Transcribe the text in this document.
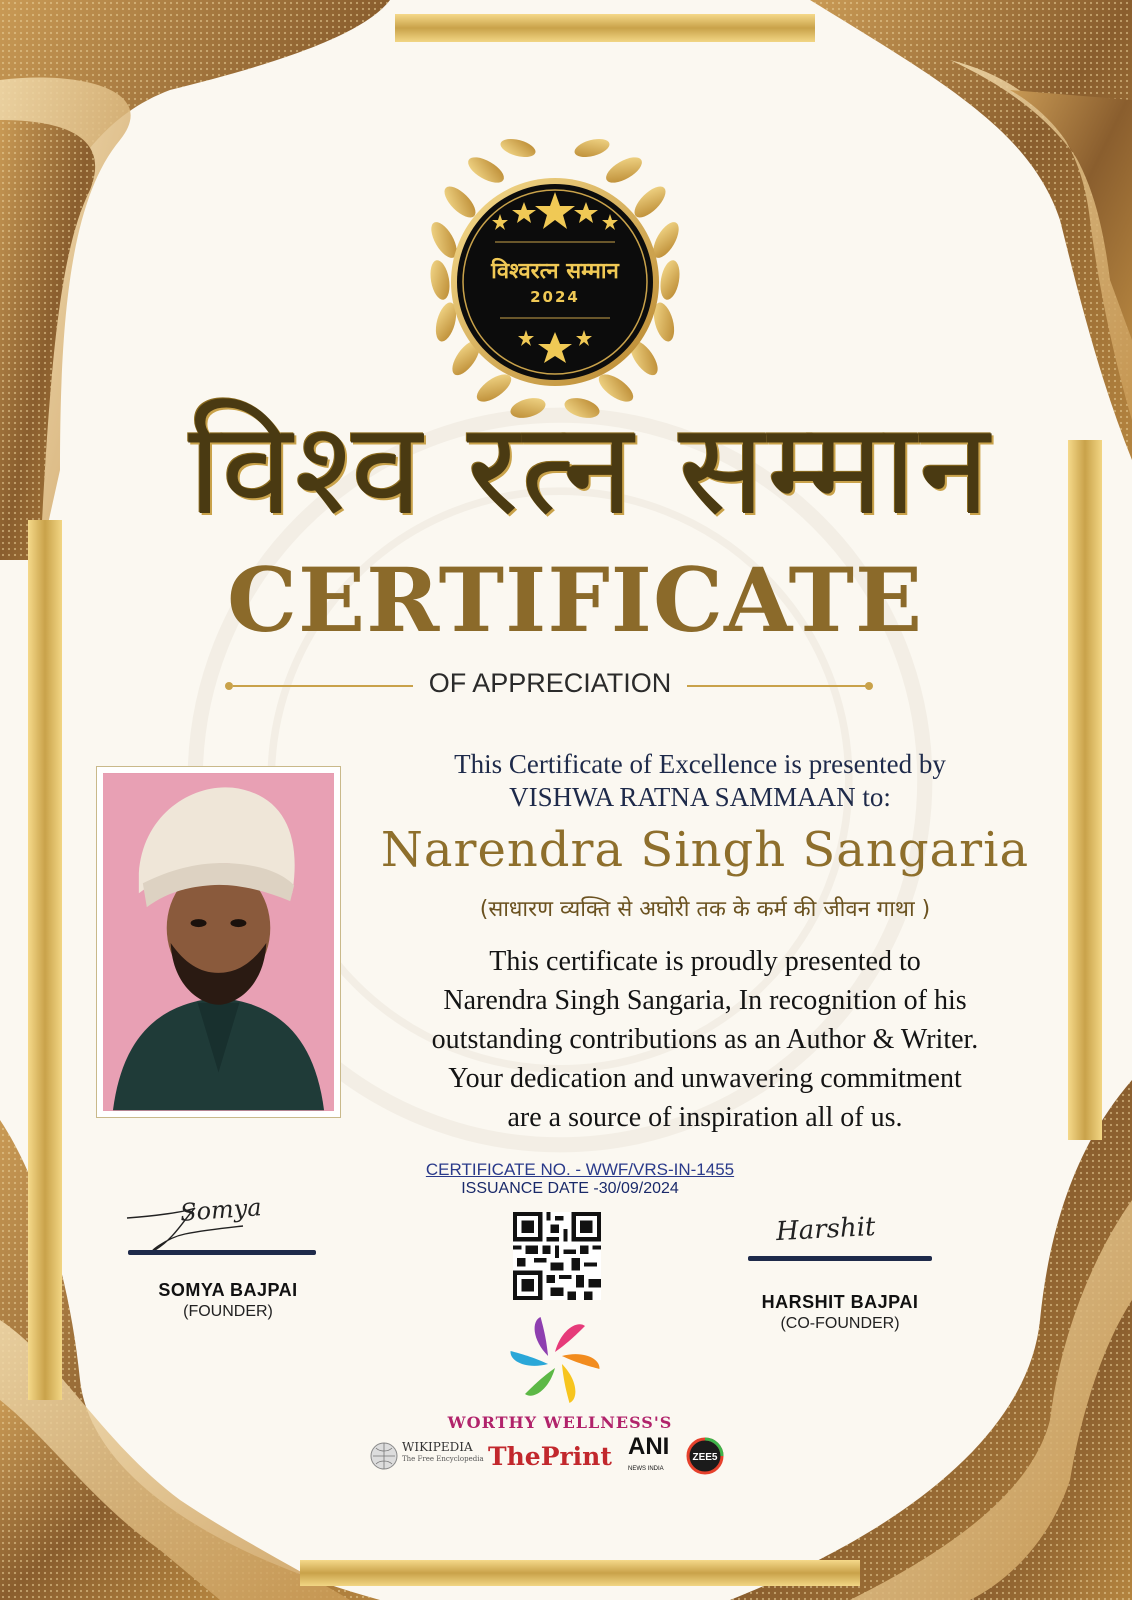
विश्वरत्न सम्मान
2024
विश्व रत्न सम्मान
CERTIFICATE
OF APPRECIATION
This Certificate of Excellence is presented by
VISHWA RATNA SAMMAAN to:
Narendra Singh Sangaria
(साधारण व्यक्ति से अघोरी तक के कर्म की जीवन गाथा )
This certificate is proudly presented to
Narendra Singh Sangaria, In recognition of his
outstanding contributions as an Author & Writer.
Your dedication and unwavering commitment
are a source of inspiration all of us.
CERTIFICATE NO. - WWF/VRS-IN-1455
ISSUANCE DATE -30/09/2024
Somya
SOMYA BAJPAI
(FOUNDER)
Harshit
HARSHIT BAJPAI
(CO-FOUNDER)
WORTHY WELLNESS'S
WIKIPEDIA
The Free Encyclopedia ThePrint ANI
NEWS INDIA
ZEE5
